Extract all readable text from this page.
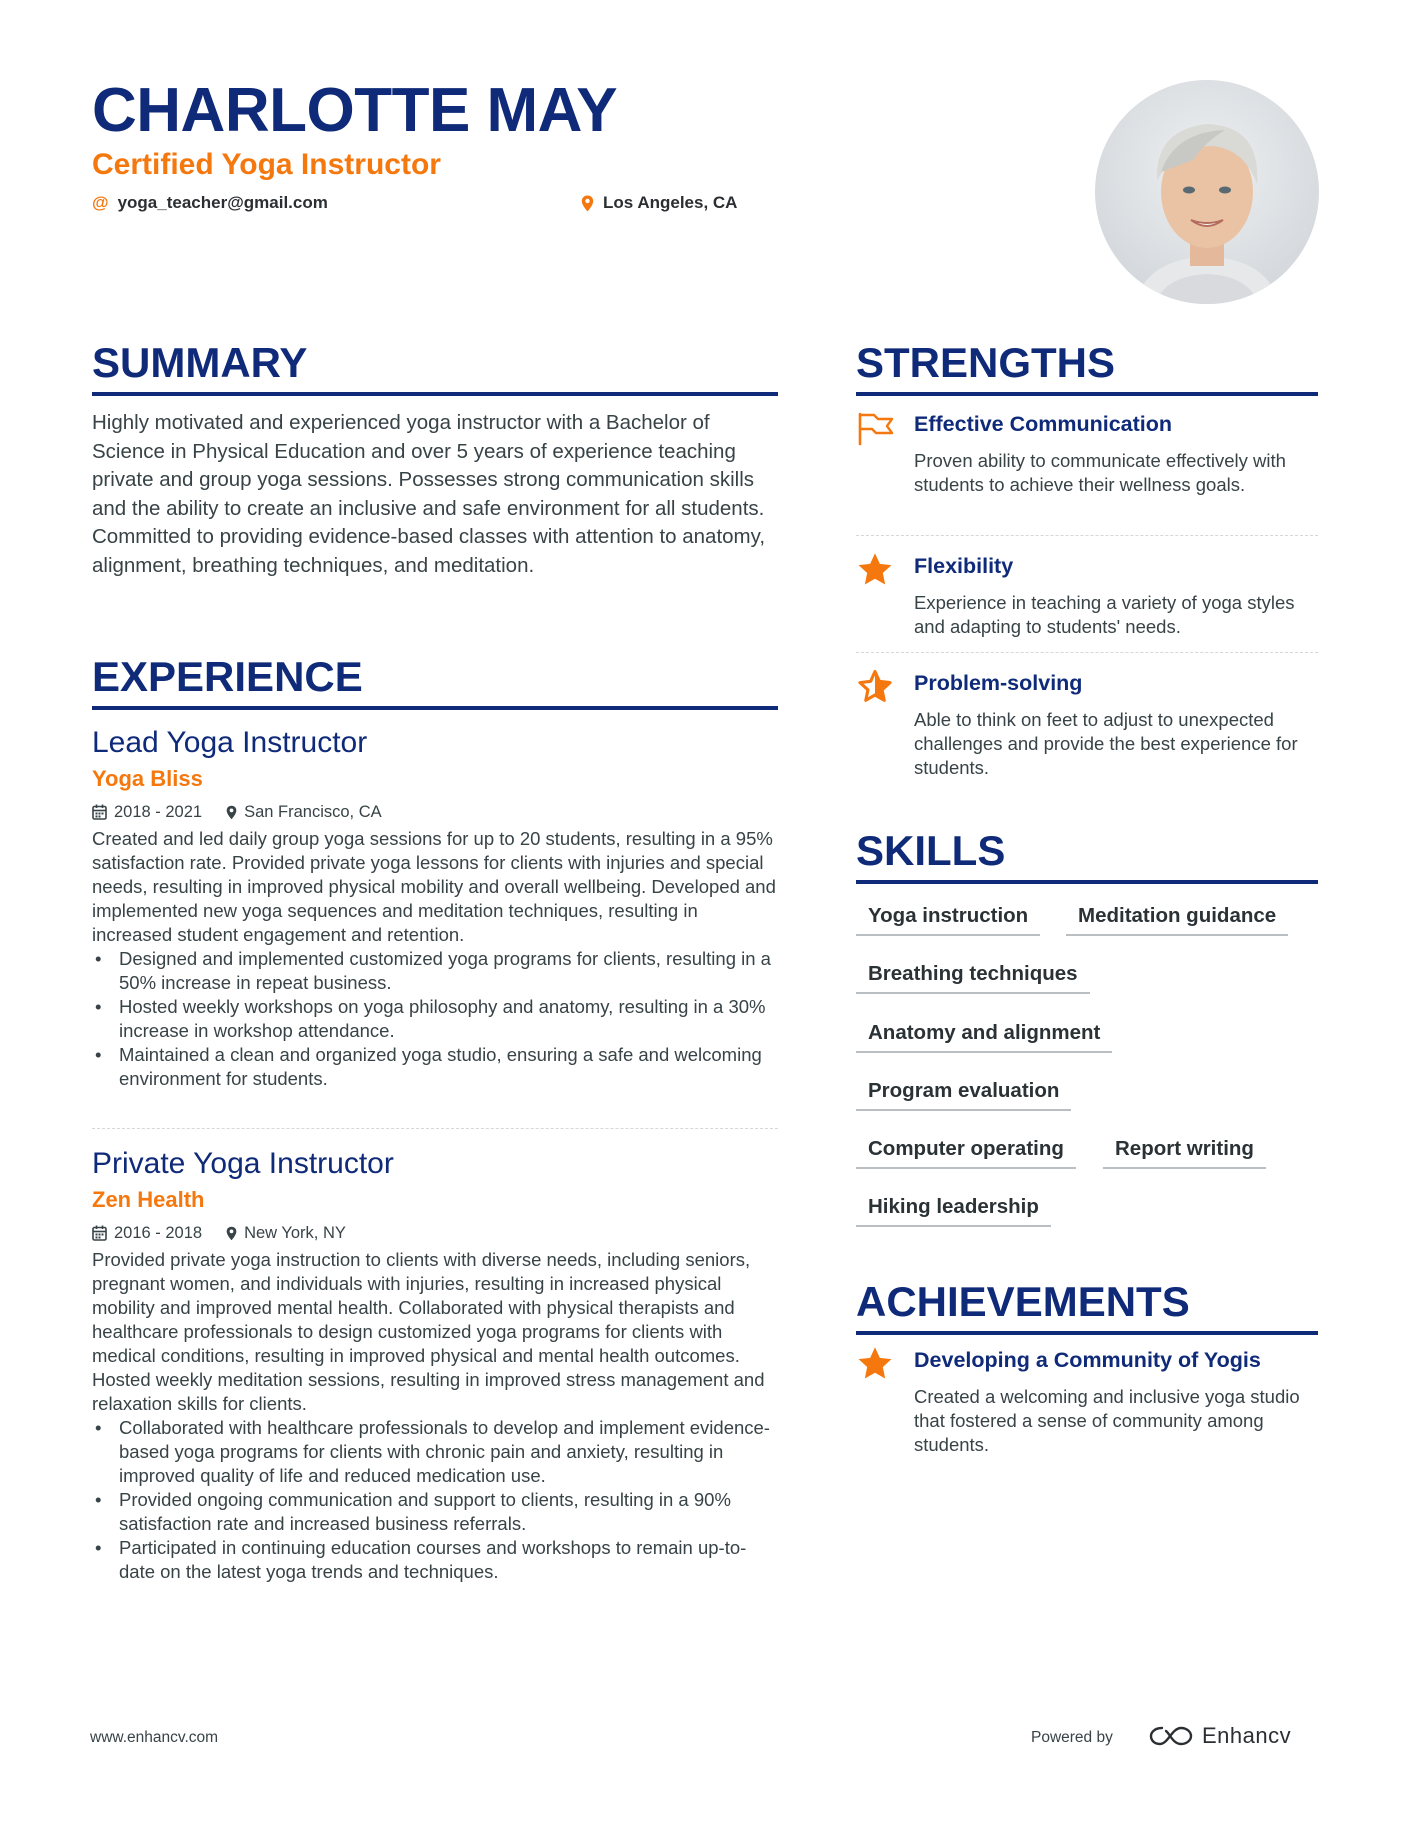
CHARLOTTE MAY
Certified Yoga Instructor
@ yoga_teacher@gmail.com	Los Angeles, CA
SUMMARY
Highly motivated and experienced yoga instructor with a Bachelor of Science in Physical Education and over 5 years of experience teaching private and group yoga sessions. Possesses strong communication skills and the ability to create an inclusive and safe environment for all students. Committed to providing evidence-based classes with attention to anatomy, alignment, breathing techniques, and meditation.
EXPERIENCE
Lead Yoga Instructor
Yoga Bliss
2018 - 2021	San Francisco, CA
Created and led daily group yoga sessions for up to 20 students, resulting in a 95% satisfaction rate. Provided private yoga lessons for clients with injuries and special needs, resulting in improved physical mobility and overall wellbeing. Developed and implemented new yoga sequences and meditation techniques, resulting in increased student engagement and retention.
• Designed and implemented customized yoga programs for clients, resulting in a 50% increase in repeat business.
• Hosted weekly workshops on yoga philosophy and anatomy, resulting in a 30% increase in workshop attendance.
• Maintained a clean and organized yoga studio, ensuring a safe and welcoming environment for students.
Private Yoga Instructor
Zen Health
2016 - 2018	New York, NY
Provided private yoga instruction to clients with diverse needs, including seniors, pregnant women, and individuals with injuries, resulting in increased physical mobility and improved mental health. Collaborated with physical therapists and healthcare professionals to design customized yoga programs for clients with medical conditions, resulting in improved physical and mental health outcomes. Hosted weekly meditation sessions, resulting in improved stress management and relaxation skills for clients.
• Collaborated with healthcare professionals to develop and implement evidence-based yoga programs for clients with chronic pain and anxiety, resulting in improved quality of life and reduced medication use.
• Provided ongoing communication and support to clients, resulting in a 90% satisfaction rate and increased business referrals.
• Participated in continuing education courses and workshops to remain up-to-date on the latest yoga trends and techniques.
STRENGTHS
Effective Communication
Proven ability to communicate effectively with students to achieve their wellness goals.
Flexibility
Experience in teaching a variety of yoga styles and adapting to students' needs.
Problem-solving
Able to think on feet to adjust to unexpected challenges and provide the best experience for students.
SKILLS
Yoga instruction	Meditation guidance
Breathing techniques
Anatomy and alignment
Program evaluation
Computer operating	Report writing
Hiking leadership
ACHIEVEMENTS
Developing a Community of Yogis
Created a welcoming and inclusive yoga studio that fostered a sense of community among students.
www.enhancv.com	Powered by	Enhancv
